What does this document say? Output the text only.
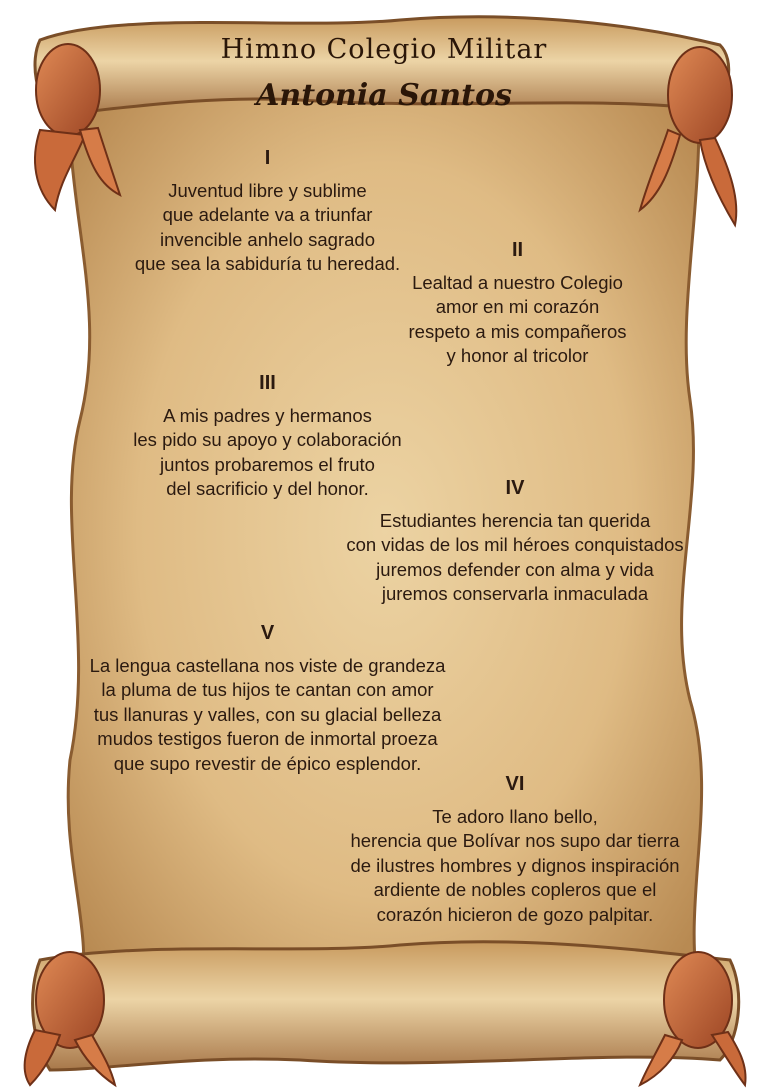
Himno Colegio Militar
Antonia Santos
I
Juventud libre y sublime
que adelante va a triunfar
invencible anhelo sagrado
que sea la sabiduría tu heredad.
II
Lealtad a nuestro Colegio
amor en mi corazón
respeto a mis compañeros
y honor al tricolor
III
A mis padres y hermanos
les pido su apoyo y colaboración
juntos probaremos el fruto
del sacrificio y del honor.	IV
Estudiantes herencia tan querida
con vidas de los mil héroes conquistados
juremos defender con alma y vida
juremos conservarla inmaculada
V
La lengua castellana nos viste de grandeza
la pluma de tus hijos te cantan con amor
tus llanuras y valles, con su glacial belleza
mudos testigos fueron de inmortal proeza
que supo revestir de épico esplendor.
VI
Te adoro llano bello,
herencia que Bolívar nos supo dar tierra
de ilustres hombres y dignos inspiración
ardiente de nobles copleros que el
corazón hicieron de gozo palpitar.
